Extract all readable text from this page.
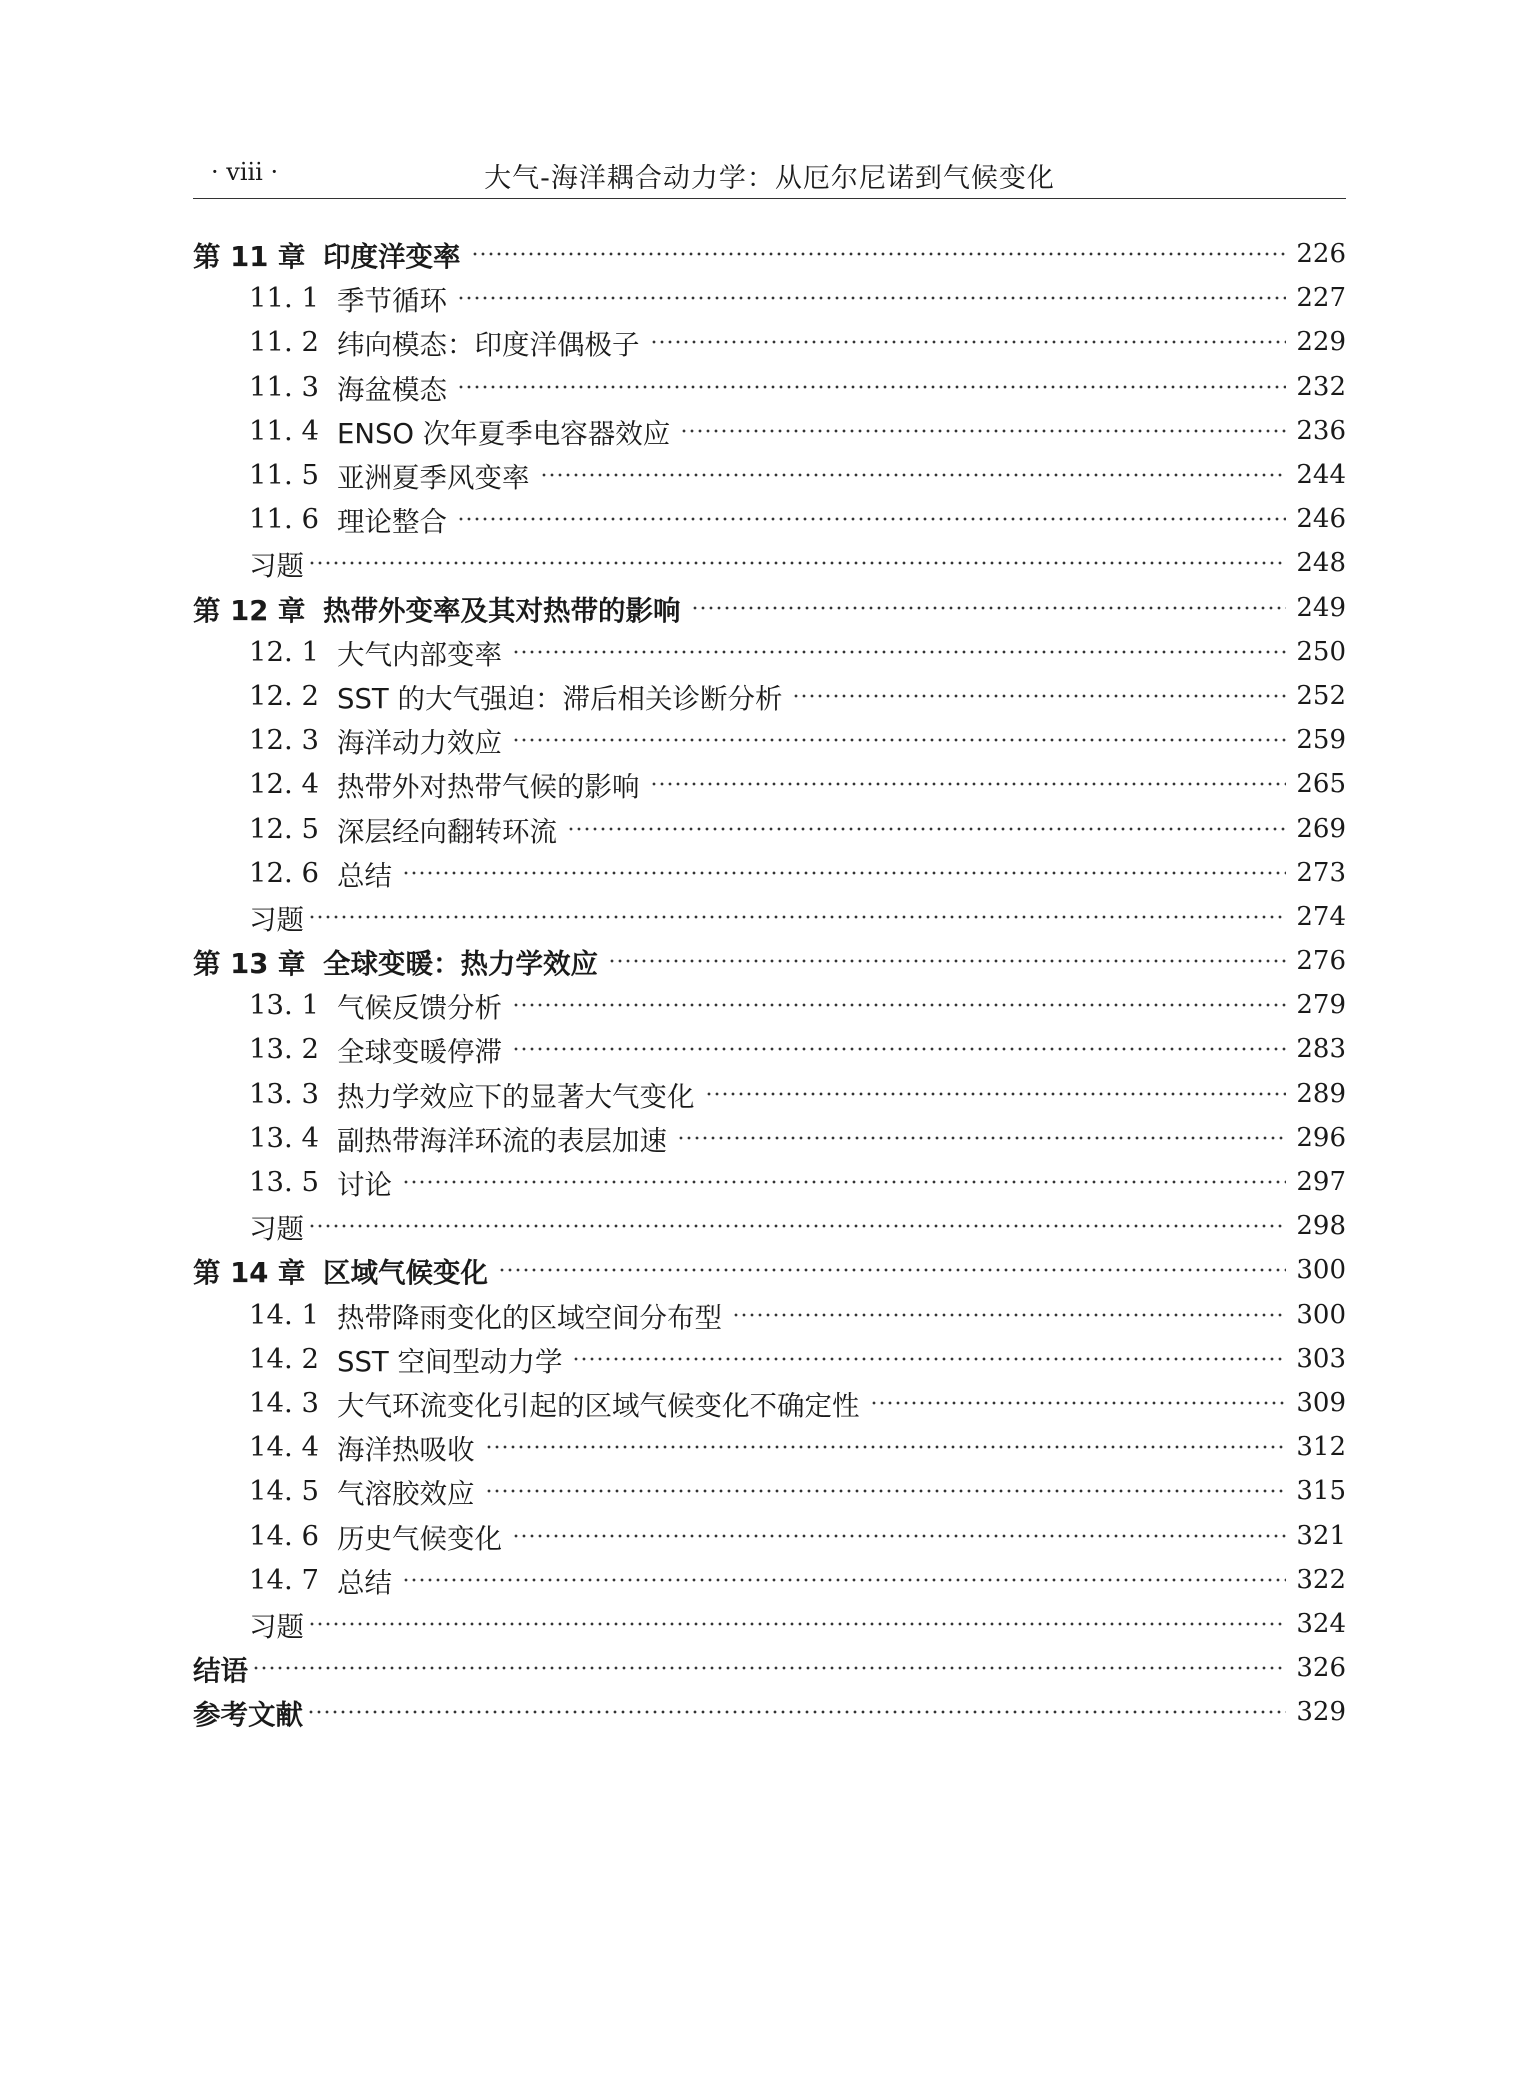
· viii ·	大气-海洋耦合动力学：从厄尔尼诺到气候变化
第 11 章 印度洋变率	226
11. 1 季节循环	227
11. 2 纬向模态：印度洋偶极子	229
11. 3 海盆模态	232
11. 4 ENSO 次年夏季电容器效应	236
11. 5 亚洲夏季风变率	244
11. 6 理论整合	246
习题	248
第 12 章 热带外变率及其对热带的影响	249
12. 1 大气内部变率	250
12. 2 SST 的大气强迫：滞后相关诊断分析	252
12. 3 海洋动力效应	259
12. 4 热带外对热带气候的影响	265
12. 5 深层经向翻转环流	269
12. 6 总结	273
习题	274
第 13 章 全球变暖：热力学效应	276
13. 1 气候反馈分析	279
13. 2 全球变暖停滞	283
13. 3 热力学效应下的显著大气变化	289
13. 4 副热带海洋环流的表层加速	296
13. 5 讨论	297
习题	298
第 14 章 区域气候变化	300
14. 1 热带降雨变化的区域空间分布型	300
14. 2 SST 空间型动力学	303
14. 3 大气环流变化引起的区域气候变化不确定性	309
14. 4 海洋热吸收	312
14. 5 气溶胶效应	315
14. 6 历史气候变化	321
14. 7 总结	322
习题	324
结语	326
参考文献	329
